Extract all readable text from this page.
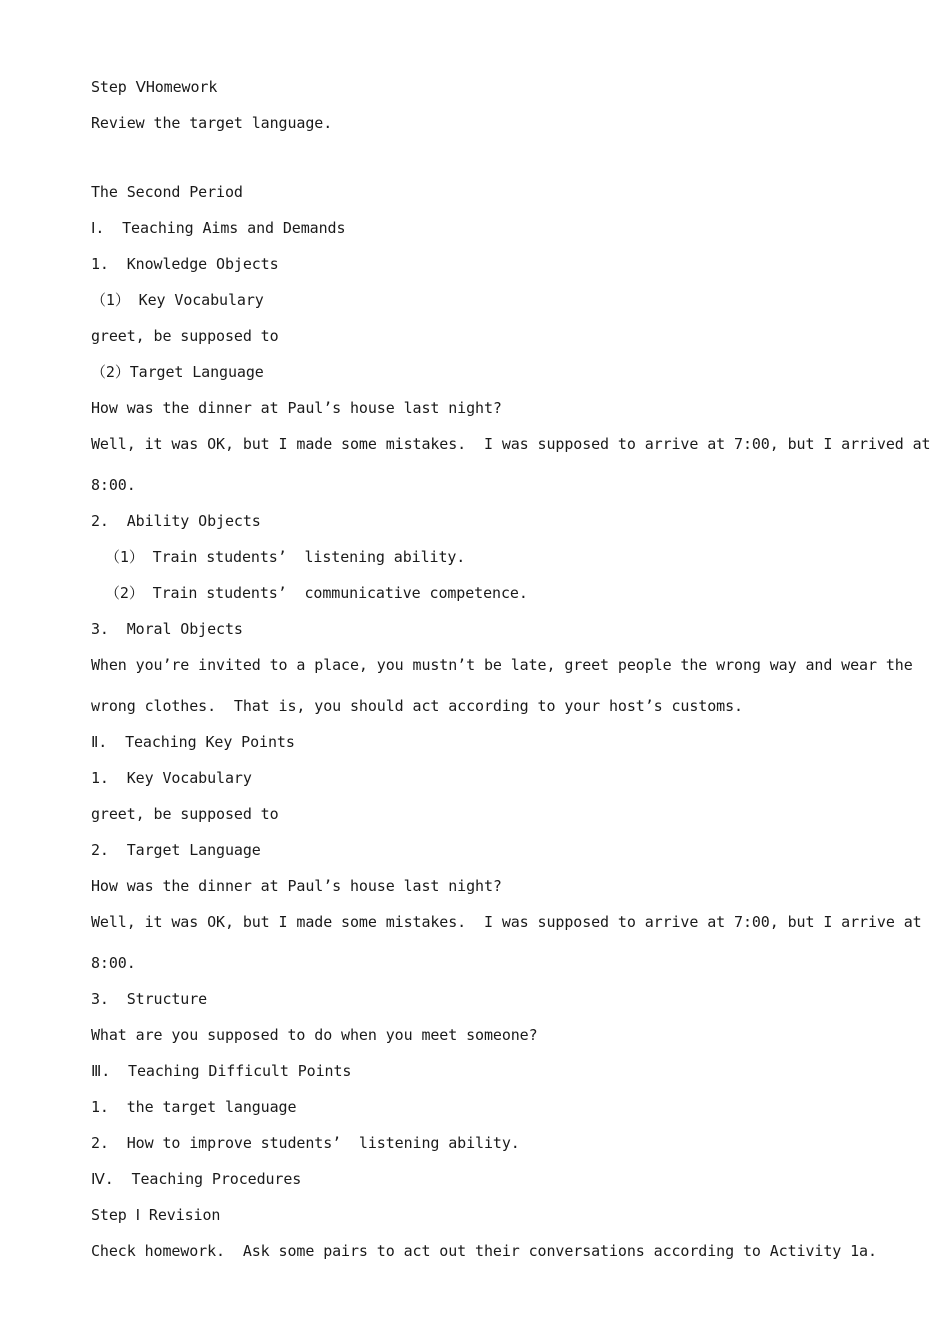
Step ⅤHomework
Review the target language.
The Second Period
Ⅰ.  Teaching Aims and Demands
1.  Knowledge Objects
（1） Key Vocabulary
greet, be supposed to
（2）Target Language
How was the dinner at Paul’s house last night?
Well, it was OK, but I made some mistakes.  I was supposed to arrive at 7:00, but I arrived at
8:00.
2.  Ability Objects
（1） Train students’  listening ability.
（2） Train students’  communicative competence.
3.  Moral Objects
When you’re invited to a place, you mustn’t be late, greet people the wrong way and wear the
wrong clothes.  That is, you should act according to your host’s customs.
Ⅱ.  Teaching Key Points
1.  Key Vocabulary
greet, be supposed to
2.  Target Language
How was the dinner at Paul’s house last night?
Well, it was OK, but I made some mistakes.  I was supposed to arrive at 7:00, but I arrive at
8:00.
3.  Structure
What are you supposed to do when you meet someone?
Ⅲ.  Teaching Difficult Points
1.  the target language
2.  How to improve students’  listening ability.
Ⅳ.  Teaching Procedures
Step Ⅰ Revision
Check homework.  Ask some pairs to act out their conversations according to Activity 1a.
